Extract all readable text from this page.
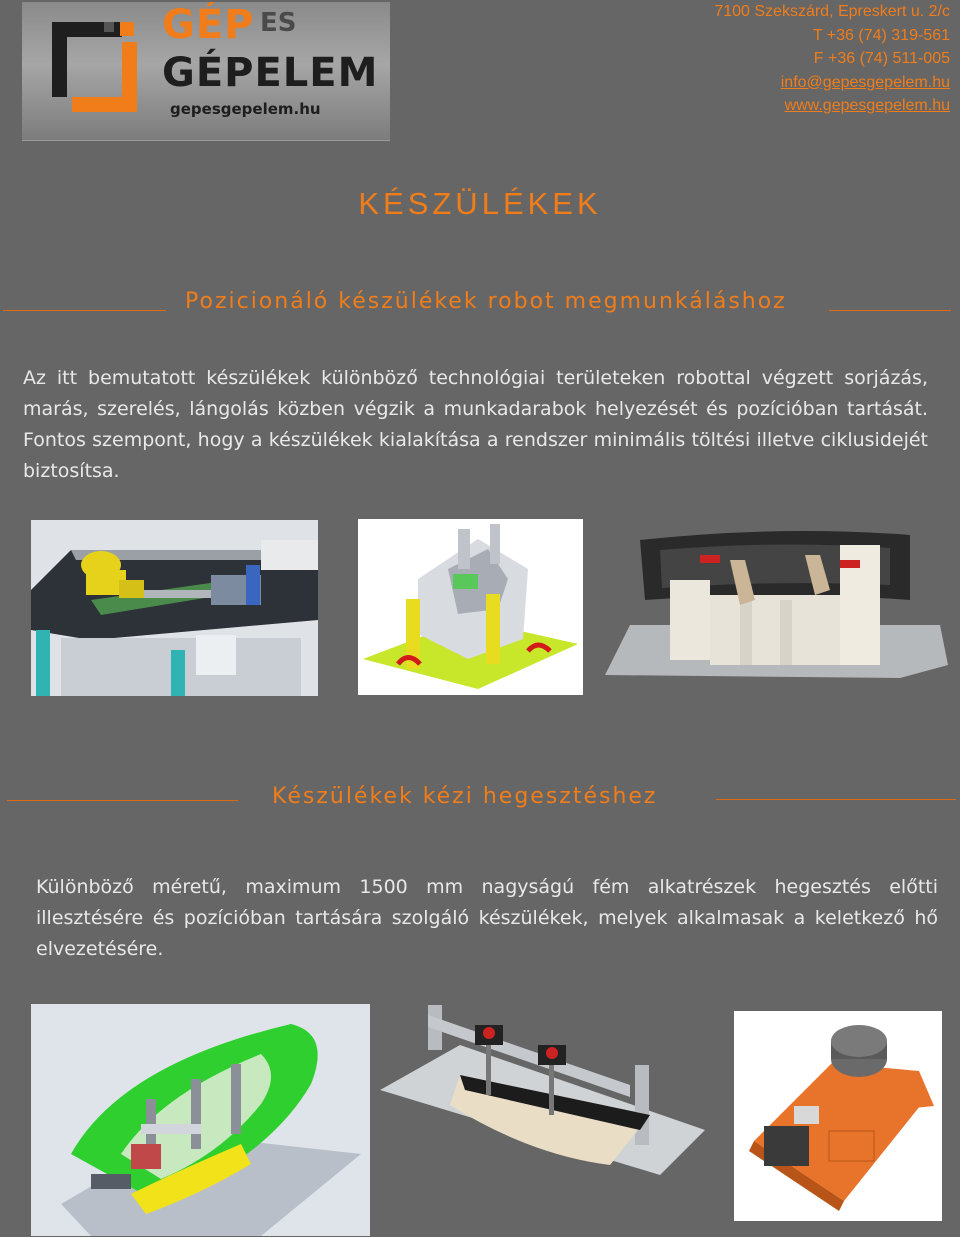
GÉP ES
GÉPELEM
gepesgepelem.hu
7100 Szekszárd, Epreskert u. 2/c
T +36 (74) 319-561
F +36 (74) 511-005
info@gepesgepelem.hu
www.gepesgepelem.hu
KÉSZÜLÉKEK
Pozicionáló készülékek robot megmunkáláshoz
Az itt bemutatott készülékek különböző technológiai területeken robottal végzett sorjázás, marás, szerelés, lángolás közben végzik a munkadarabok helyezését és pozícióban tartását. Fontos szempont, hogy a készülékek kialakítása a rendszer minimális töltési illetve ciklusidejét biztosítsa.
Készülékek kézi hegesztéshez
Különböző méretű, maximum 1500 mm nagyságú fém alkatrészek hegesztés előtti illesztésére és pozícióban tartására szolgáló készülékek, melyek alkalmasak a keletkező hő elvezetésére.
